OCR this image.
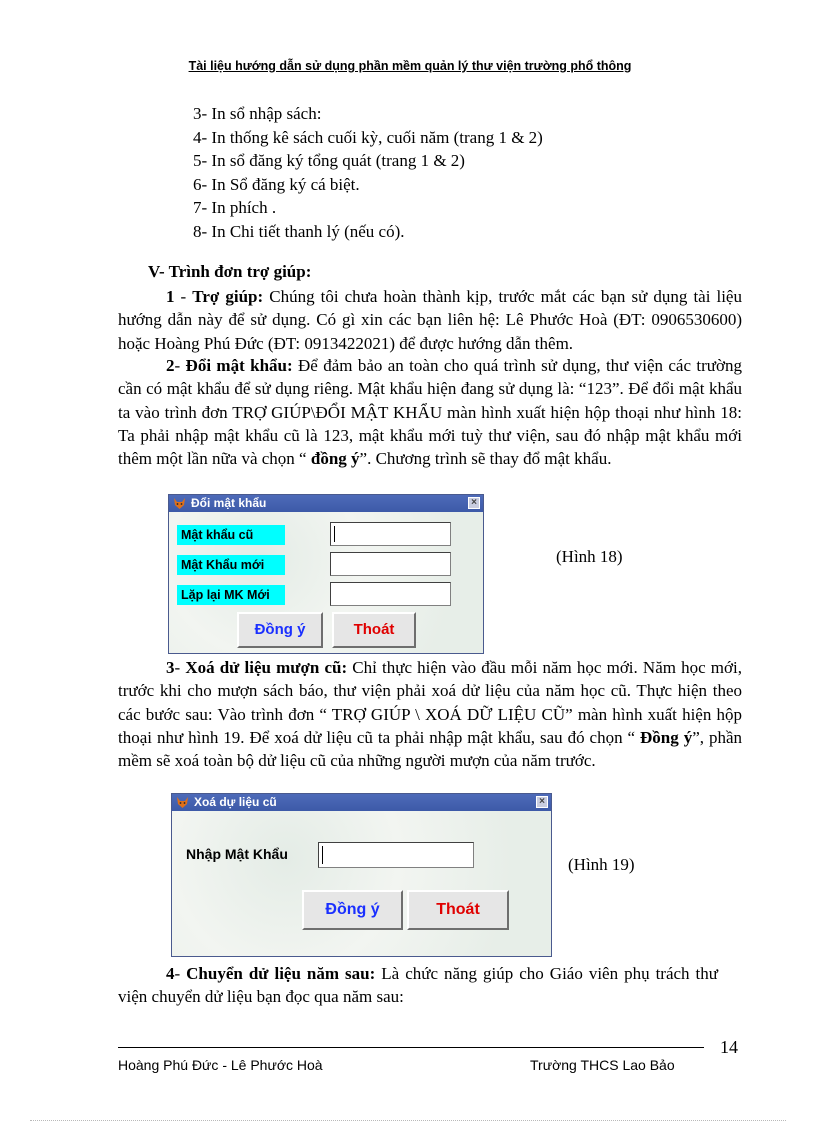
Tài liệu hướng dẫn sử dụng phần mềm quản lý thư viện trường phổ thông
3- In sổ nhập sách:
4- In thống kê sách cuối kỳ, cuối năm (trang 1 & 2)
5- In sổ đăng ký tổng quát (trang 1 & 2)
6- In Sổ đăng ký cá biệt.
7- In phích .
8- In Chi tiết thanh lý (nếu có).
V- Trình đơn trợ giúp:
1 - Trợ giúp: Chúng tôi chưa hoàn thành kịp, trước mắt các bạn sử dụng tài liệu hướng dẫn này để sử dụng. Có gì xin các bạn liên hệ: Lê Phước Hoà (ĐT: 0906530600) hoặc Hoàng Phú Đức (ĐT: 0913422021) để được hướng dẫn thêm.
2- Đổi mật khẩu: Để đảm bảo an toàn cho quá trình sử dụng, thư viện các trường cần có mật khẩu để sử dụng riêng. Mật khẩu hiện đang sử dụng là: “123”. Để đổi mật khẩu ta vào trình đơn TRỢ GIÚP\ĐỔI MẬT KHẨU màn hình xuất hiện hộp thoại như hình 18: Ta phải nhập mật khẩu cũ là 123, mật khẩu mới tuỳ thư viện, sau đó nhập mật khẩu mới thêm một lần nữa và chọn “ đồng ý”. Chương trình sẽ thay đổ mật khẩu.
Đổi mật khẩu	×
Mật khẩu cũ
Mật Khẩu mới
Lặp lại MK Mới
Đồng ý	Thoát
(Hình 18)
3- Xoá dử liệu mượn cũ: Chỉ thực hiện vào đầu mỗi năm học mới. Năm học mới, trước khi cho mượn sách báo, thư viện phải xoá dử liệu của năm học cũ. Thực hiện theo các bước sau: Vào trình đơn “ TRỢ GIÚP \ XOÁ DỮ LIỆU CŨ” màn hình xuất hiện hộp thoại như hình 19. Để xoá dử liệu cũ ta phải nhập mật khẩu, sau đó chọn “ Đồng ý”, phần mềm sẽ xoá toàn bộ dử liệu cũ của những người mượn của năm trước.
Xoá dự liệu cũ	×
Nhập Mật Khẩu
Đồng ý	Thoát
(Hình 19)
4- Chuyển dử liệu năm sau: Là chức năng giúp cho Giáo viên phụ trách thư viện chuyển dử liệu bạn đọc qua năm sau:
14
Hoàng Phú Đức - Lê Phước Hoà	Trường THCS Lao Bảo
